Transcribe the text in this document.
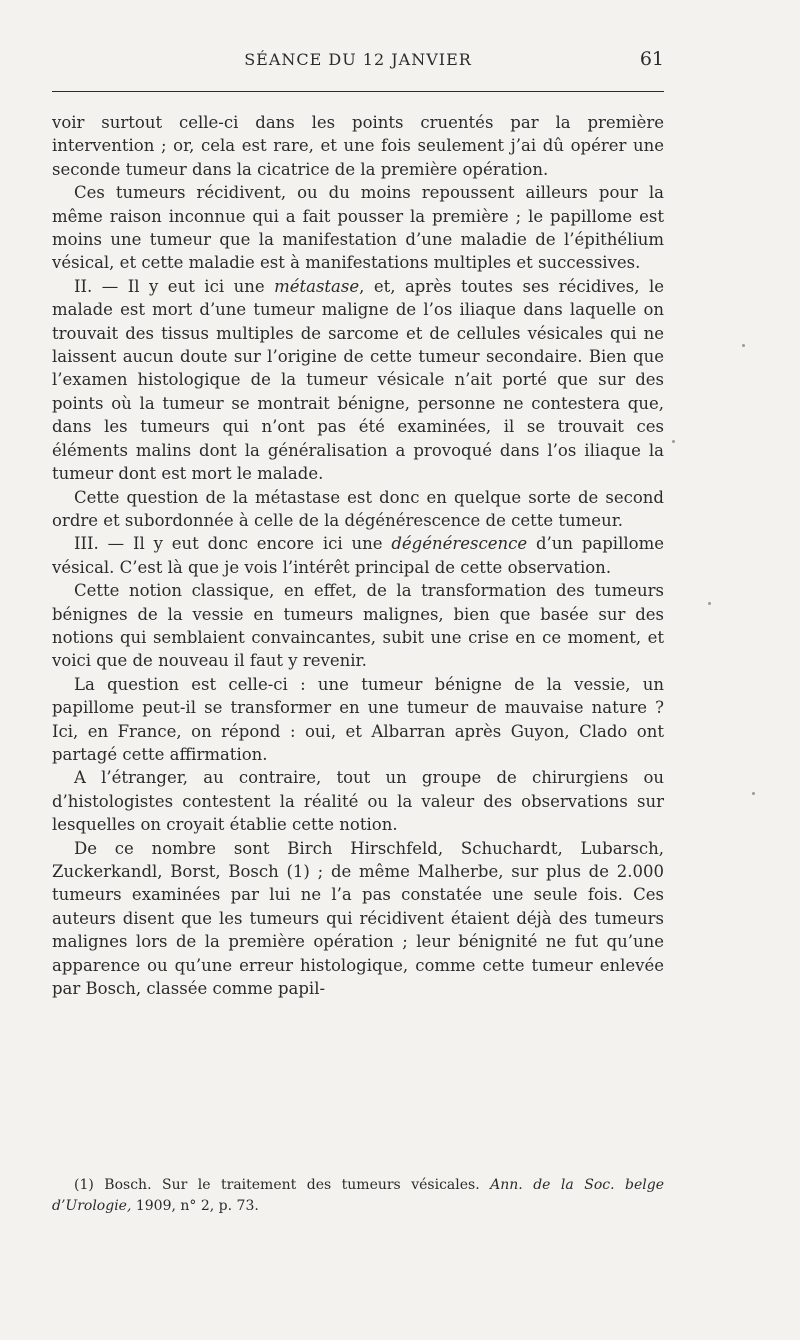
SÉANCE DU 12 JANVIER	61

voir surtout celle-ci dans les points cruentés par la première intervention ; or, cela est rare, et une fois seulement j’ai dû opérer une seconde tumeur dans la cicatrice de la première opération.

Ces tumeurs récidivent, ou du moins repoussent ailleurs pour la même raison inconnue qui a fait pousser la première ; le papillome est moins une tumeur que la manifestation d’une maladie de l’épithélium vésical, et cette maladie est à manifestations multiples et successives.

II. — Il y eut ici une métastase, et, après toutes ses récidives, le malade est mort d’une tumeur maligne de l’os iliaque dans laquelle on trouvait des tissus multiples de sarcome et de cellules vésicales qui ne laissent aucun doute sur l’origine de cette tumeur secondaire. Bien que l’examen histologique de la tumeur vésicale n’ait porté que sur des points où la tumeur se montrait bénigne, personne ne contestera que, dans les tumeurs qui n’ont pas été examinées, il se trouvait ces éléments malins dont la généralisation a provoqué dans l’os iliaque la tumeur dont est mort le malade.

Cette question de la métastase est donc en quelque sorte de second ordre et subordonnée à celle de la dégénérescence de cette tumeur.

III. — Il y eut donc encore ici une dégénérescence d’un papillome vésical. C’est là que je vois l’intérêt principal de cette observation.

Cette notion classique, en effet, de la transformation des tumeurs bénignes de la vessie en tumeurs malignes, bien que basée sur des notions qui semblaient convaincantes, subit une crise en ce moment, et voici que de nouveau il faut y revenir.

La question est celle-ci : une tumeur bénigne de la vessie, un papillome peut-il se transformer en une tumeur de mauvaise nature ? Ici, en France, on répond : oui, et Albarran après Guyon, Clado ont partagé cette affirmation.

A l’étranger, au contraire, tout un groupe de chirurgiens ou d’histologistes contestent la réalité ou la valeur des observations sur lesquelles on croyait établie cette notion.

De ce nombre sont Birch Hirschfeld, Schuchardt, Lubarsch, Zuckerkandl, Borst, Bosch (1) ; de même Malherbe, sur plus de 2.000 tumeurs examinées par lui ne l’a pas constatée une seule fois. Ces auteurs disent que les tumeurs qui récidivent étaient déjà des tumeurs malignes lors de la première opération ; leur bénignité ne fut qu’une apparence ou qu’une erreur histologique, comme cette tumeur enlevée par Bosch, classée comme papil-

(1) Bosch. Sur le traitement des tumeurs vésicales. Ann. de la Soc. belge d’Urologie, 1909, n° 2, p. 73.
